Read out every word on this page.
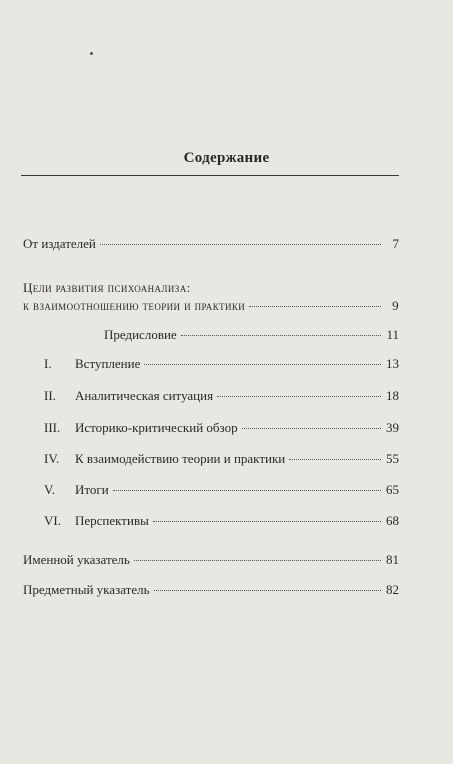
Содержание
От издателей	7
Цели развития психоанализа:
к взаимоотношению теории и практики	9
Предисловие	11
I.	Вступление	13
II.	Аналитическая ситуация	18
III.	Историко-критический обзор	39
IV.	К взаимодействию теории и практики	55
V.	Итоги	65
VI.	Перспективы	68
Именной указатель	81
Предметный указатель	82
